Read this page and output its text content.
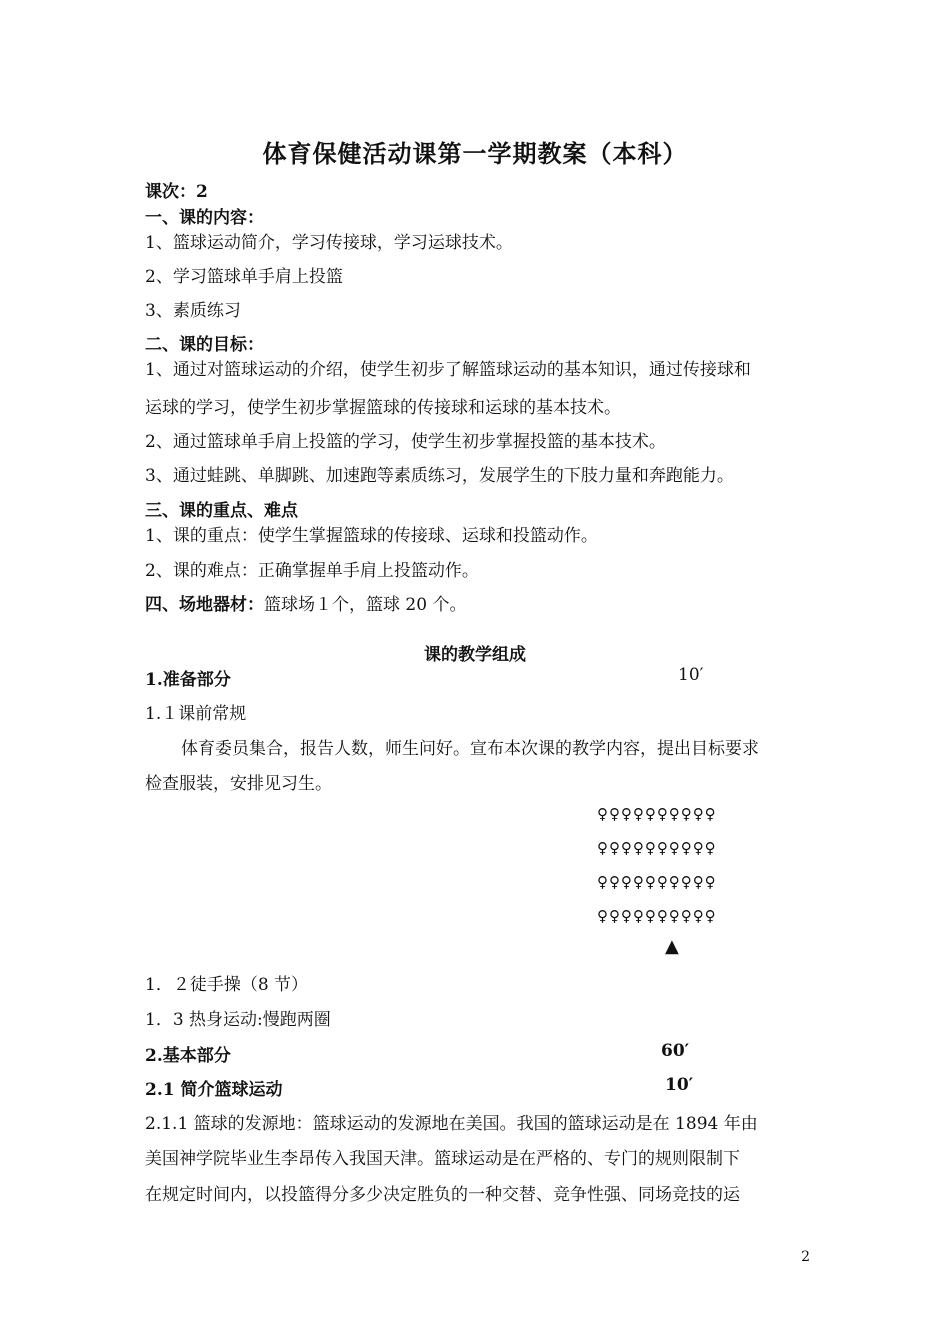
体育保健活动课第一学期教案（本科）
课次：2
一、课的内容：
1、篮球运动简介，学习传接球，学习运球技术。
2、学习篮球单手肩上投篮
3、素质练习
二、课的目标：
1、通过对篮球运动的介绍，使学生初步了解篮球运动的基本知识，通过传接球和
运球的学习，使学生初步掌握篮球的传接球和运球的基本技术。
2、通过篮球单手肩上投篮的学习，使学生初步掌握投篮的基本技术。
3、通过蛙跳、单脚跳、加速跑等素质练习，发展学生的下肢力量和奔跑能力。
三、课的重点、难点
1、课的重点：使学生掌握篮球的传接球、运球和投篮动作。
2、课的难点：正确掌握单手肩上投篮动作。
四、场地器材：篮球场１个，篮球 20 个。
课的教学组成
1.准备部分	10′
1.１课前常规
体育委员集合，报告人数，师生问好。宣布本次课的教学内容，提出目标要求
检查服装，安排见习生。
♀♀♀♀♀♀♀♀♀♀
♀♀♀♀♀♀♀♀♀♀
♀♀♀♀♀♀♀♀♀♀
♀♀♀♀♀♀♀♀♀♀
▲
1．２徒手操（8 节）
1．3 热身运动:慢跑两圈
2.基本部分	60′
2.1 简介篮球运动	10′
2.1.1 篮球的发源地：篮球运动的发源地在美国。我国的篮球运动是在 1894 年由
美国神学院毕业生李昂传入我国天津。篮球运动是在严格的、专门的规则限制下
在规定时间内，以投篮得分多少决定胜负的一种交替、竞争性强、同场竞技的运
2
